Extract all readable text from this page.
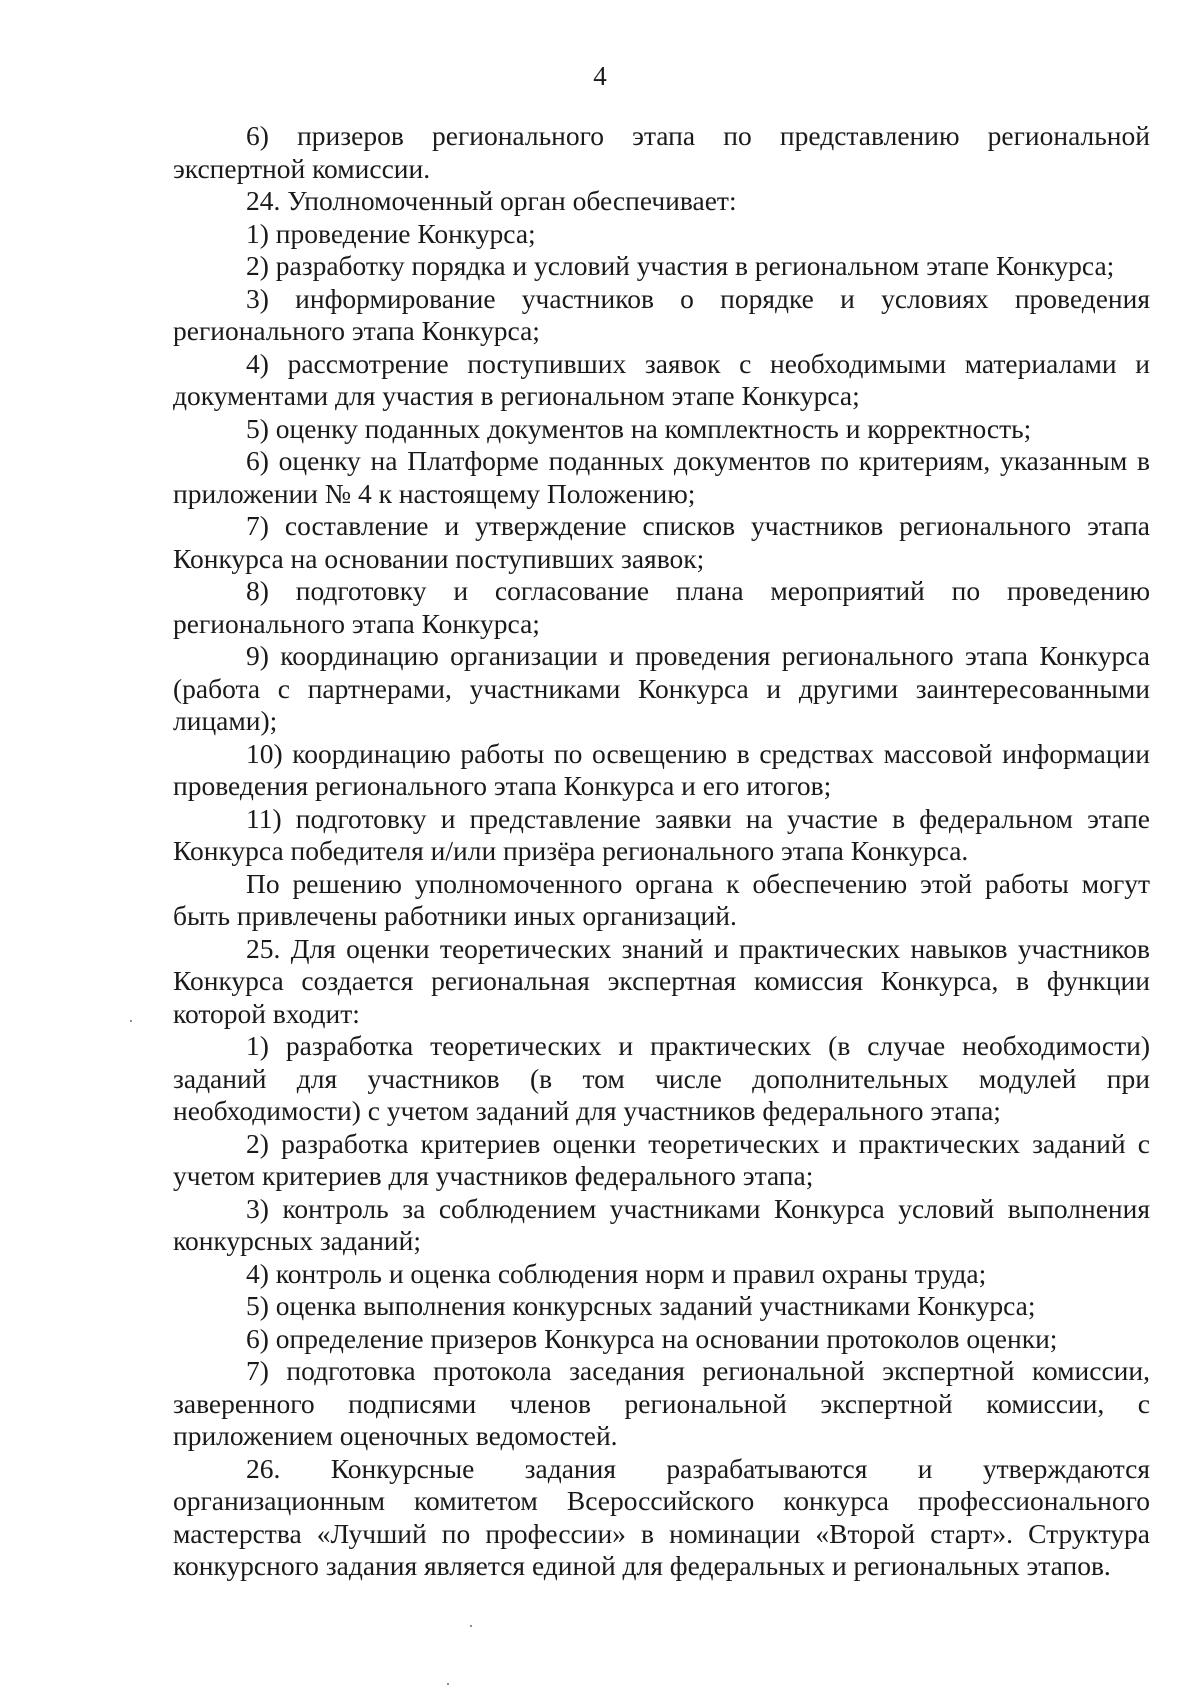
4

6) призеров регионального этапа по представлению региональной экспертной комиссии.

24. Уполномоченный орган обеспечивает:

1) проведение Конкурса;

2) разработку порядка и условий участия в региональном этапе Конкурса;

3) информирование участников о порядке и условиях проведения регионального этапа Конкурса;

4) рассмотрение поступивших заявок с необходимыми материалами и документами для участия в региональном этапе Конкурса;

5) оценку поданных документов на комплектность и корректность;

6) оценку на Платформе поданных документов по критериям, указанным в приложении № 4 к настоящему Положению;

7) составление и утверждение списков участников регионального этапа Конкурса на основании поступивших заявок;

8) подготовку и согласование плана мероприятий по проведению регионального этапа Конкурса;

9) координацию организации и проведения регионального этапа Конкурса (работа с партнерами, участниками Конкурса и другими заинтересованными лицами);

10) координацию работы по освещению в средствах массовой информации проведения регионального этапа Конкурса и его итогов;

11) подготовку и представление заявки на участие в федеральном этапе Конкурса победителя и/или призёра регионального этапа Конкурса.

По решению уполномоченного органа к обеспечению этой работы могут быть привлечены работники иных организаций.

25. Для оценки теоретических знаний и практических навыков участников Конкурса создается региональная экспертная комиссия Конкурса, в функции которой входит:

1) разработка теоретических и практических (в случае необходимости) заданий для участников (в том числе дополнительных модулей при необходимости) с учетом заданий для участников федерального этапа;

2) разработка критериев оценки теоретических и практических заданий с учетом критериев для участников федерального этапа;

3) контроль за соблюдением участниками Конкурса условий выполнения конкурсных заданий;

4) контроль и оценка соблюдения норм и правил охраны труда;

5) оценка выполнения конкурсных заданий участниками Конкурса;

6) определение призеров Конкурса на основании протоколов оценки;

7) подготовка протокола заседания региональной экспертной комиссии, заверенного подписями членов региональной экспертной комиссии, с приложением оценочных ведомостей.

26. Конкурсные задания разрабатываются и утверждаются организационным комитетом Всероссийского конкурса профессионального мастерства «Лучший по профессии» в номинации «Второй старт». Структура конкурсного задания является единой для федеральных и региональных этапов.
